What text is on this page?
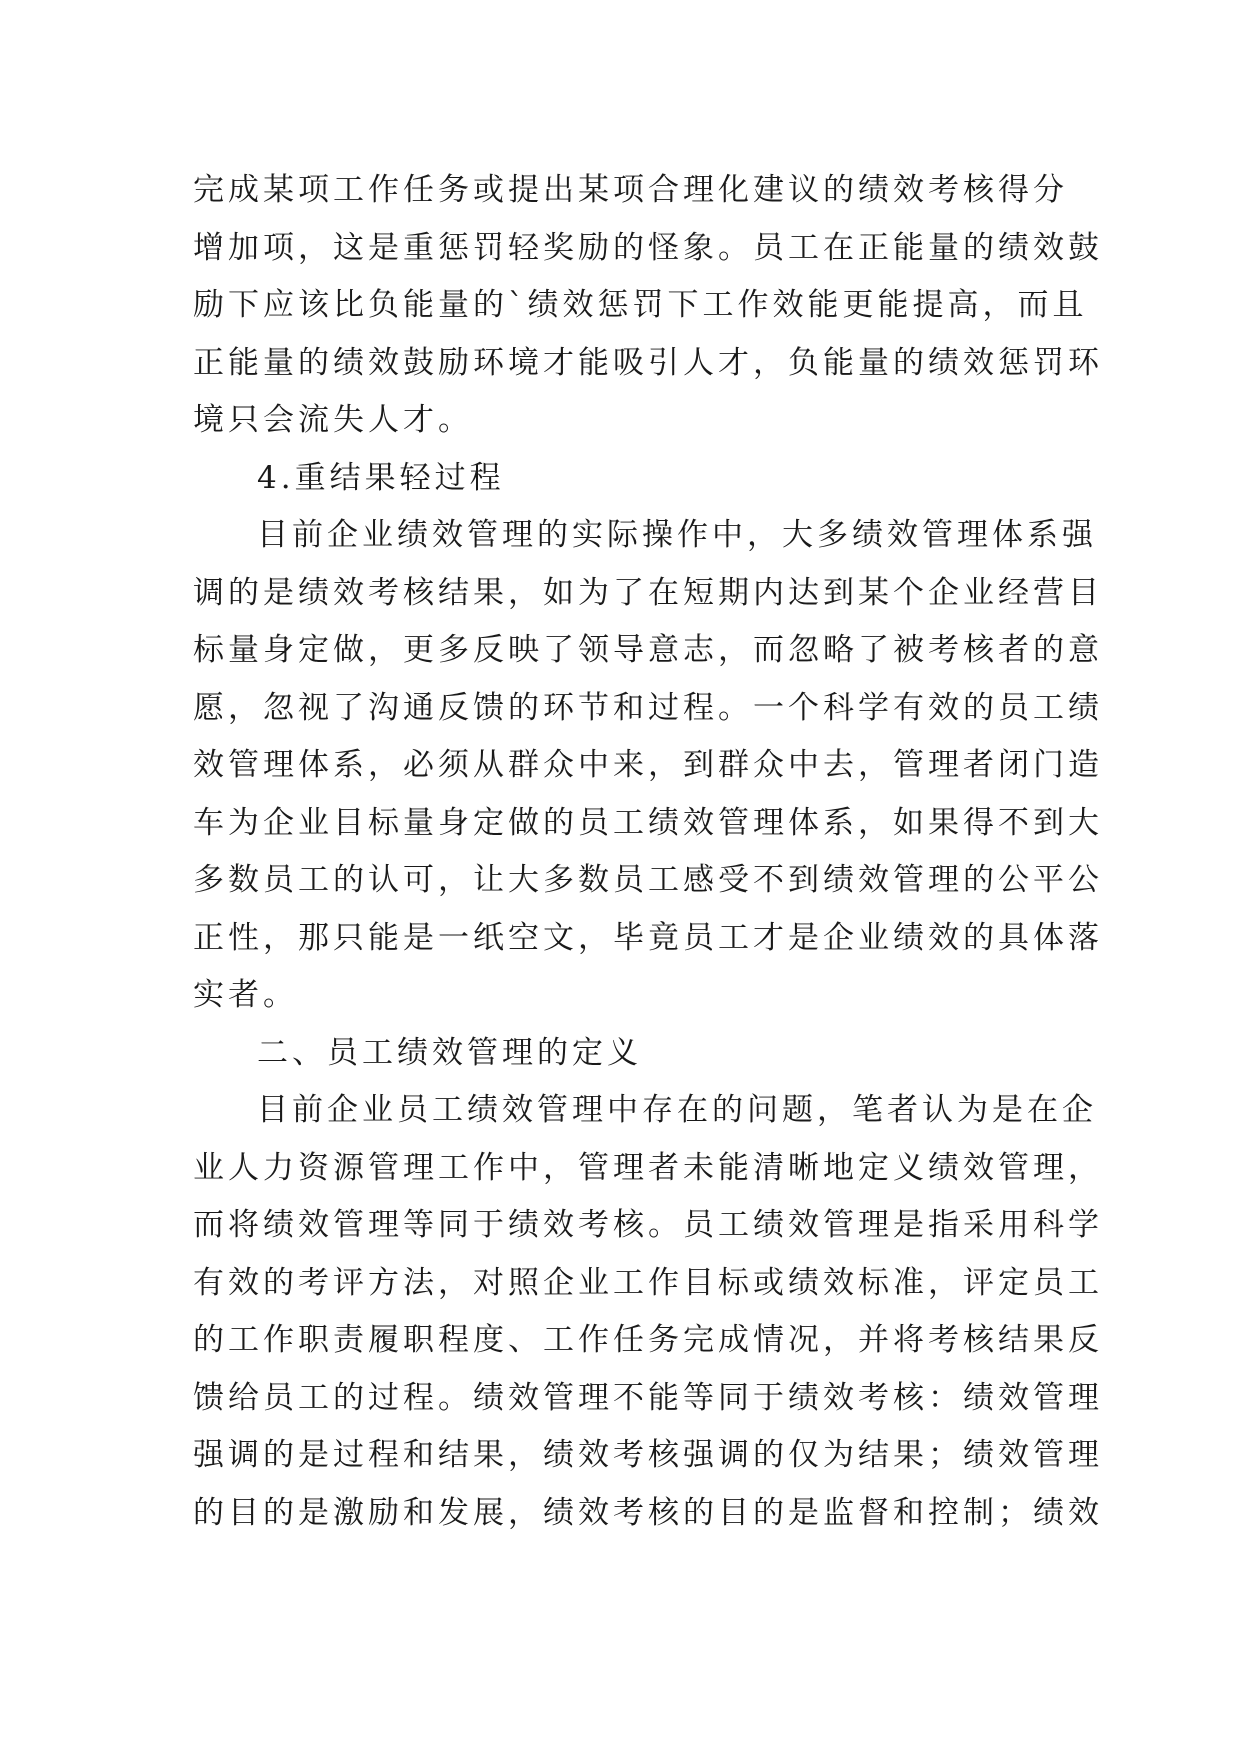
完成某项工作任务或提出某项合理化建议的绩效考核得分
增加项，这是重惩罚轻奖励的怪象。员工在正能量的绩效鼓
励下应该比负能量的`绩效惩罚下工作效能更能提高，而且
正能量的绩效鼓励环境才能吸引人才，负能量的绩效惩罚环
境只会流失人才。
4.重结果轻过程
目前企业绩效管理的实际操作中，大多绩效管理体系强
调的是绩效考核结果，如为了在短期内达到某个企业经营目
标量身定做，更多反映了领导意志，而忽略了被考核者的意
愿，忽视了沟通反馈的环节和过程。一个科学有效的员工绩
效管理体系，必须从群众中来，到群众中去，管理者闭门造
车为企业目标量身定做的员工绩效管理体系，如果得不到大
多数员工的认可，让大多数员工感受不到绩效管理的公平公
正性，那只能是一纸空文，毕竟员工才是企业绩效的具体落
实者。
二、员工绩效管理的定义
目前企业员工绩效管理中存在的问题，笔者认为是在企
业人力资源管理工作中，管理者未能清晰地定义绩效管理，
而将绩效管理等同于绩效考核。员工绩效管理是指采用科学
有效的考评方法，对照企业工作目标或绩效标准，评定员工
的工作职责履职程度、工作任务完成情况，并将考核结果反
馈给员工的过程。绩效管理不能等同于绩效考核：绩效管理
强调的是过程和结果，绩效考核强调的仅为结果；绩效管理
的目的是激励和发展，绩效考核的目的是监督和控制；绩效
